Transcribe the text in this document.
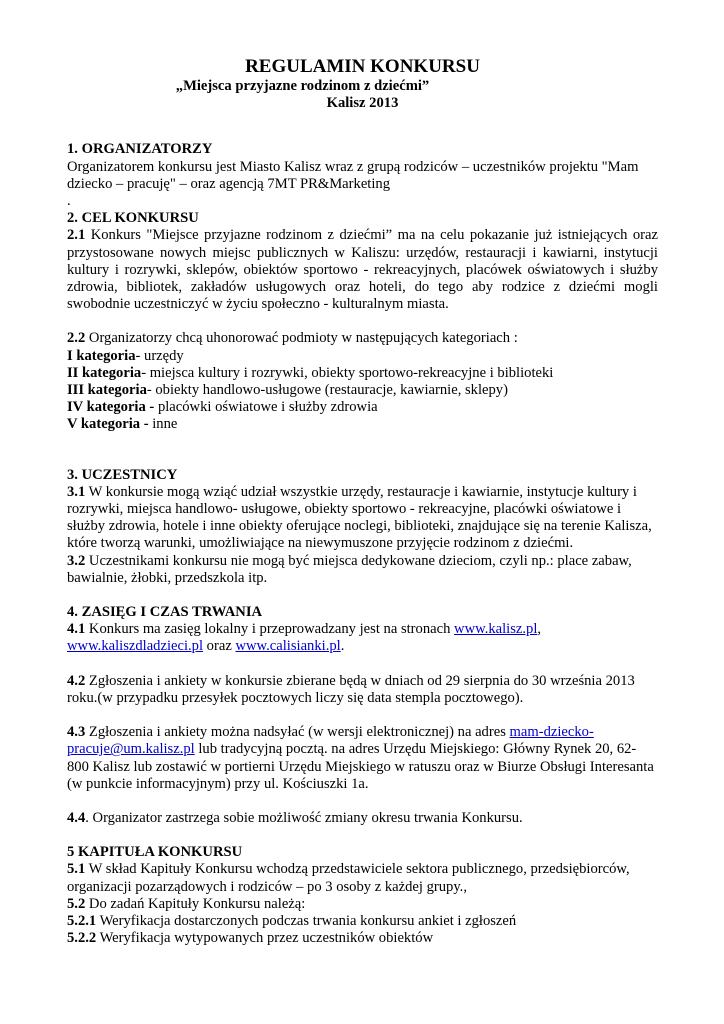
REGULAMIN KONKURSU
„Miejsca przyjazne rodzinom z dziećmi”
Kalisz 2013

1. ORGANIZATORZY

Organizatorem konkursu jest Miasto Kalisz wraz z grupą rodziców – uczestników projektu "Mam dziecko – pracuję" – oraz agencją 7MT PR&Marketing

.

2. CEL KONKURSU

2.1 Konkurs "Miejsce przyjazne rodzinom z dziećmi” ma na celu pokazanie już istniejących oraz przystosowane nowych miejsc publicznych w Kaliszu: urzędów, restauracji i kawiarni, instytucji kultury i rozrywki, sklepów, obiektów sportowo - rekreacyjnych, placówek oświatowych i służby zdrowia, bibliotek, zakładów usługowych oraz hoteli, do tego aby rodzice z dziećmi mogli swobodnie uczestniczyć w życiu społeczno - kulturalnym miasta.

2.2 Organizatorzy chcą uhonorować podmioty w następujących kategoriach :

I kategoria- urzędy

II kategoria- miejsca kultury i rozrywki, obiekty sportowo-rekreacyjne i biblioteki

III kategoria- obiekty handlowo-usługowe (restauracje, kawiarnie, sklepy)

IV kategoria - placówki oświatowe i służby zdrowia

V kategoria - inne

3. UCZESTNICY

3.1 W konkursie mogą wziąć udział wszystkie urzędy, restauracje i kawiarnie, instytucje kultury i rozrywki, miejsca handlowo- usługowe, obiekty sportowo - rekreacyjne, placówki oświatowe i służby zdrowia, hotele i inne obiekty oferujące noclegi, biblioteki, znajdujące się na terenie Kalisza, które tworzą warunki, umożliwiające na niewymuszone przyjęcie rodzinom z dziećmi.

3.2 Uczestnikami konkursu nie mogą być miejsca dedykowane dzieciom, czyli np.: place zabaw, bawialnie, żłobki, przedszkola itp.

4. ZASIĘG I CZAS TRWANIA

4.1 Konkurs ma zasięg lokalny i przeprowadzany jest na stronach www.kalisz.pl,
www.kaliszdladzieci.pl oraz www.calisianki.pl.

4.2 Zgłoszenia i ankiety w konkursie zbierane będą w dniach od 29 sierpnia do 30 września 2013 roku.(w przypadku przesyłek pocztowych liczy się data stempla pocztowego).

4.3 Zgłoszenia i ankiety można nadsyłać (w wersji elektronicznej) na adres mam-dziecko-
pracuje@um.kalisz.pl lub tradycyjną pocztą. na adres Urzędu Miejskiego: Główny Rynek 20, 62-800 Kalisz lub zostawić w portierni Urzędu Miejskiego w ratuszu oraz w Biurze Obsługi Interesanta (w punkcie informacyjnym) przy ul. Kościuszki 1a.

4.4. Organizator zastrzega sobie możliwość zmiany okresu trwania Konkursu.

5 KAPITUŁA KONKURSU

5.1 W skład Kapituły Konkursu wchodzą przedstawiciele sektora publicznego, przedsiębiorców, organizacji pozarządowych i rodziców – po 3 osoby z każdej grupy.,

5.2 Do zadań Kapituły Konkursu należą:

5.2.1 Weryfikacja dostarczonych podczas trwania konkursu ankiet i zgłoszeń

5.2.2 Weryfikacja wytypowanych przez uczestników obiektów
